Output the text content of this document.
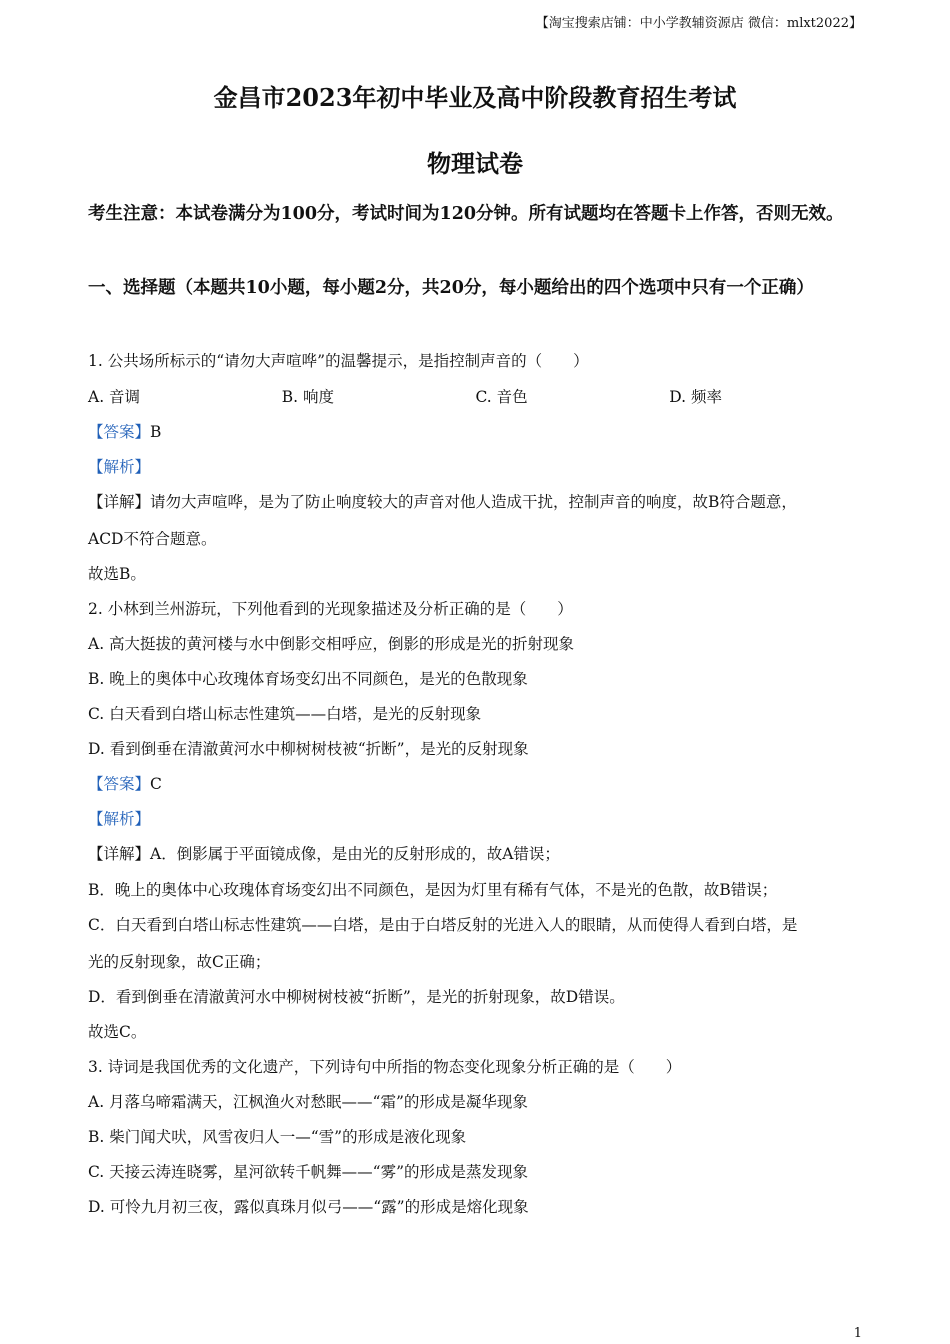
【淘宝搜索店铺：中小学教辅资源店 微信：mlxt2022】
金昌市2023年初中毕业及高中阶段教育招生考试
物理试卷
考生注意：本试卷满分为100分，考试时间为120分钟。所有试题均在答题卡上作答，否则无效。
一、选择题（本题共10小题，每小题2分，共20分，每小题给出的四个选项中只有一个正确）
1. 公共场所标示的“请勿大声喧哗”的温馨提示，是指控制声音的（　　）
A. 音调	B. 响度	C. 音色	D. 频率
【答案】B
【解析】
【详解】请勿大声喧哗，是为了防止响度较大的声音对他人造成干扰，控制声音的响度，故B符合题意，
ACD不符合题意。
故选B。
2. 小林到兰州游玩，下列他看到的光现象描述及分析正确的是（　　）
A. 高大挺拔的黄河楼与水中倒影交相呼应，倒影的形成是光的折射现象
B. 晚上的奥体中心玫瑰体育场变幻出不同颜色，是光的色散现象
C. 白天看到白塔山标志性建筑——白塔，是光的反射现象
D. 看到倒垂在清澈黄河水中柳树树枝被“折断”，是光的反射现象
【答案】C
【解析】
【详解】A．倒影属于平面镜成像，是由光的反射形成的，故A错误；
B．晚上的奥体中心玫瑰体育场变幻出不同颜色，是因为灯里有稀有气体，不是光的色散，故B错误；
C．白天看到白塔山标志性建筑——白塔，是由于白塔反射的光进入人的眼睛，从而使得人看到白塔，是
光的反射现象，故C正确；
D．看到倒垂在清澈黄河水中柳树树枝被“折断”，是光的折射现象，故D错误。
故选C。
3. 诗词是我国优秀的文化遗产，下列诗句中所指的物态变化现象分析正确的是（　　）
A. 月落乌啼霜满天，江枫渔火对愁眠——“霜”的形成是凝华现象
B. 柴门闻犬吠，风雪夜归人一—“雪”的形成是液化现象
C. 天接云涛连晓雾，星河欲转千帆舞——“雾”的形成是蒸发现象
D. 可怜九月初三夜，露似真珠月似弓——“露”的形成是熔化现象
1
